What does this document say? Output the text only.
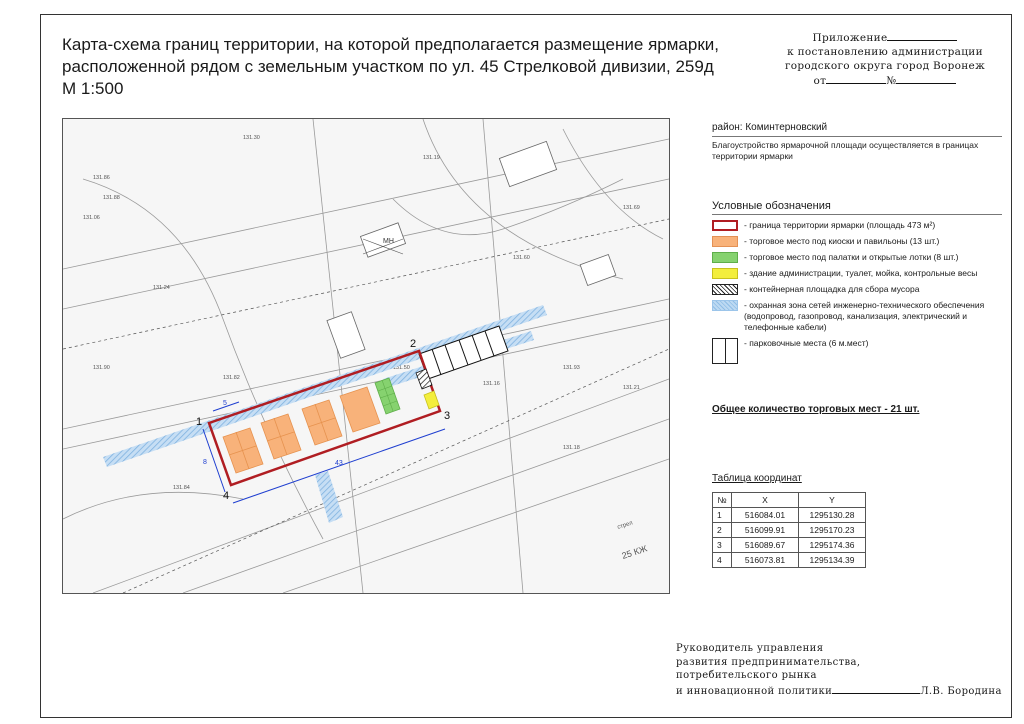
Карта-схема границ территории, на которой предполагается размещение ярмарки,
расположенной рядом с земельным участком по ул. 45 Стрелковой дивизии, 259д
М 1:500
Приложение
к постановлению администрации
городского округа город Воронеж
от	№
МН
25 КЖ
стрел
131.86
131.88
131.06
131.30
131.24
131.90
131.82
131.50
131.16
131.93
131.21
131.84
131.60
131.69
131.19
131.18
5
8	43
1
2
3
4
район: Коминтерновский
Благоустройство ярмарочной площади осуществляется в границах территории ярмарки
Условные обозначения
- граница территории ярмарки (площадь 473 м²)
- торговое место под киоски и павильоны (13 шт.)
- торговое место под палатки и открытые лотки (8 шт.)
- здание администрации, туалет, мойка, контрольные весы
- контейнерная площадка для сбора мусора
- охранная зона сетей инженерно-технического обеспечения (водопровод, газопровод, канализация, электрический и телефонные кабели)
- парковочные места (6 м.мест)
Общее количество торговых мест - 21 шт.
Таблица координат
№	X	Y
1	516084.01	1295130.28
2	516099.91	1295170.23
3	516089.67	1295174.36
4	516073.81	1295134.39
Руководитель управления
развития предпринимательства,
потребительского рынка
и инновационной политики	Л.В. Бородина
